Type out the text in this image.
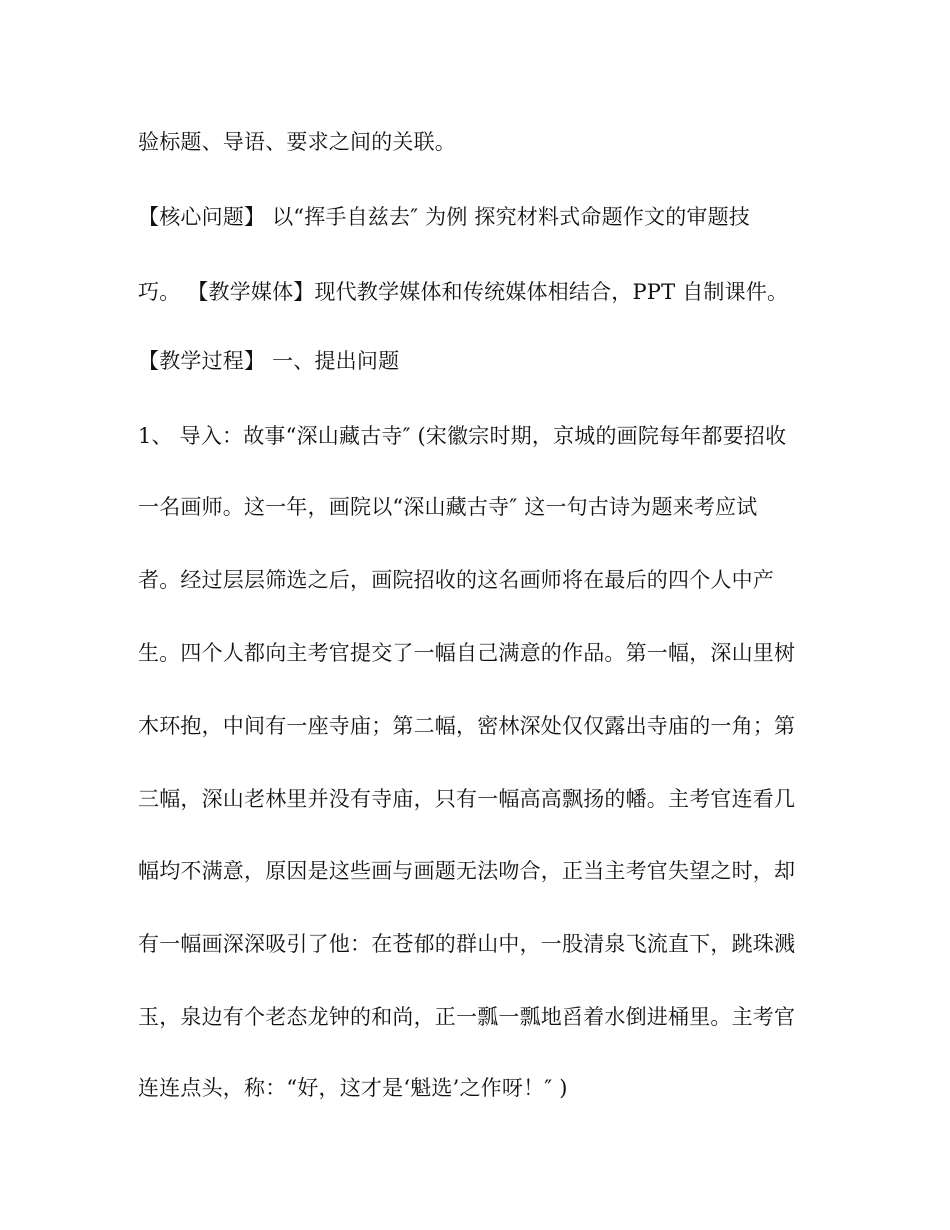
验标题、导语、要求之间的关联。

【核心问题】 以“挥手自兹去″ 为例 探究材料式命题作文的审题技

巧。 【教学媒体】现代教学媒体和传统媒体相结合，PPT 自制课件。

【教学过程】 一、提出问题

1、 导入：故事“深山藏古寺″ (宋徽宗时期，京城的画院每年都要招收

一名画师。这一年，画院以“深山藏古寺″ 这一句古诗为题来考应试

者。经过层层筛选之后，画院招收的这名画师将在最后的四个人中产

生。四个人都向主考官提交了一幅自己满意的作品。第一幅，深山里树

木环抱，中间有一座寺庙；第二幅，密林深处仅仅露出寺庙的一角；第

三幅，深山老林里并没有寺庙，只有一幅高高飘扬的幡。主考官连看几

幅均不满意，原因是这些画与画题无法吻合，正当主考官失望之时，却

有一幅画深深吸引了他：在苍郁的群山中，一股清泉飞流直下，跳珠溅

玉，泉边有个老态龙钟的和尚，正一瓢一瓢地舀着水倒进桶里。主考官

连连点头，称：“好，这才是‘魁选’之作呀！″ )
